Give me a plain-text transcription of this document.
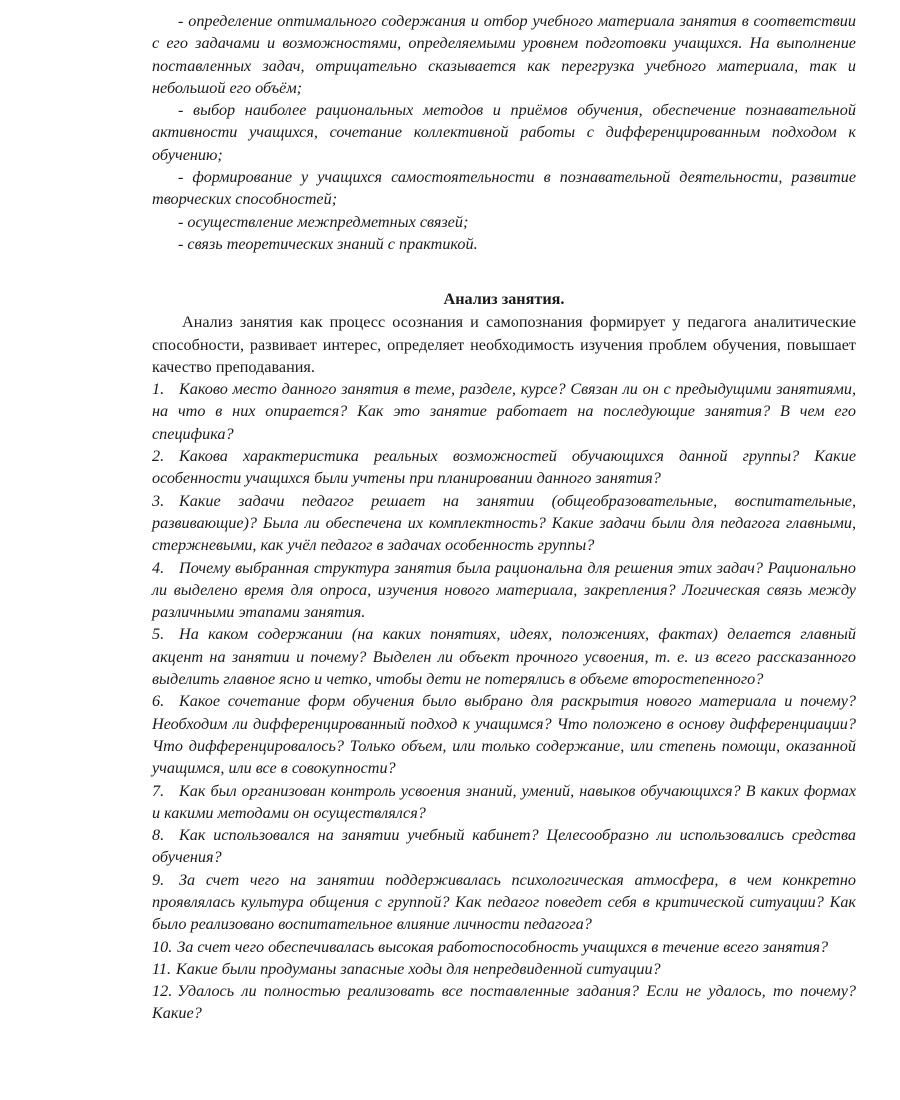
- определение оптимального содержания и отбор учебного материала занятия в соответствии с его задачами и возможностями, определяемыми уровнем подготовки учащихся. На выполнение поставленных задач, отрицательно сказывается как перегрузка учебного материала, так и небольшой его объём;

- выбор наиболее рациональных методов и приёмов обучения, обеспечение познавательной активности учащихся, сочетание коллективной работы с дифференцированным подходом к обучению;

- формирование у учащихся самостоятельности в познавательной деятельности, развитие творческих способностей;

- осуществление межпредметных связей;

- связь теоретических знаний с практикой.

Анализ занятия.

Анализ занятия как процесс осознания и самопознания формирует у педагога аналитические способности, развивает интерес, определяет необходимость изучения проблем обучения, повышает качество преподавания.

1. Каково место данного занятия в теме, разделе, курсе? Связан ли он с предыдущими занятиями, на что в них опирается? Как это занятие работает на последующие занятия? В чем его специфика?

2. Какова характеристика реальных возможностей обучающихся данной группы? Какие особенности учащихся были учтены при планировании данного занятия?

3. Какие задачи педагог решает на занятии (общеобразовательные, воспитательные, развивающие)? Была ли обеспечена их комплектность? Какие задачи были для педагога главными, стержневыми, как учёл педагог в задачах особенность группы?

4. Почему выбранная структура занятия была рациональна для решения этих задач? Рационально ли выделено время для опроса, изучения нового материала, закрепления? Логическая связь между различными этапами занятия.

5. На каком содержании (на каких понятиях, идеях, положениях, фактах) делается главный акцент на занятии и почему? Выделен ли объект прочного усвоения, т. е. из всего рассказанного выделить главное ясно и четко, чтобы дети не потерялись в объеме второстепенного?

6. Какое сочетание форм обучения было выбрано для раскрытия нового материала и почему? Необходим ли дифференцированный подход к учащимся? Что положено в основу дифференциации? Что дифференцировалось? Только объем, или только содержание, или степень помощи, оказанной учащимся, или все в совокупности?

7. Как был организован контроль усвоения знаний, умений, навыков обучающихся? В каких формах и какими методами он осуществлялся?

8. Как использовался на занятии учебный кабинет? Целесообразно ли использовались средства обучения?

9. За счет чего на занятии поддерживалась психологическая атмосфера, в чем конкретно проявлялась культура общения с группой? Как педагог поведет себя в критической ситуации? Как было реализовано воспитательное влияние личности педагога?

10. За счет чего обеспечивалась высокая работоспособность учащихся в течение всего занятия?

11. Какие были продуманы запасные ходы для непредвиденной ситуации?

12. Удалось ли полностью реализовать все поставленные задания? Если не удалось, то почему? Какие?
